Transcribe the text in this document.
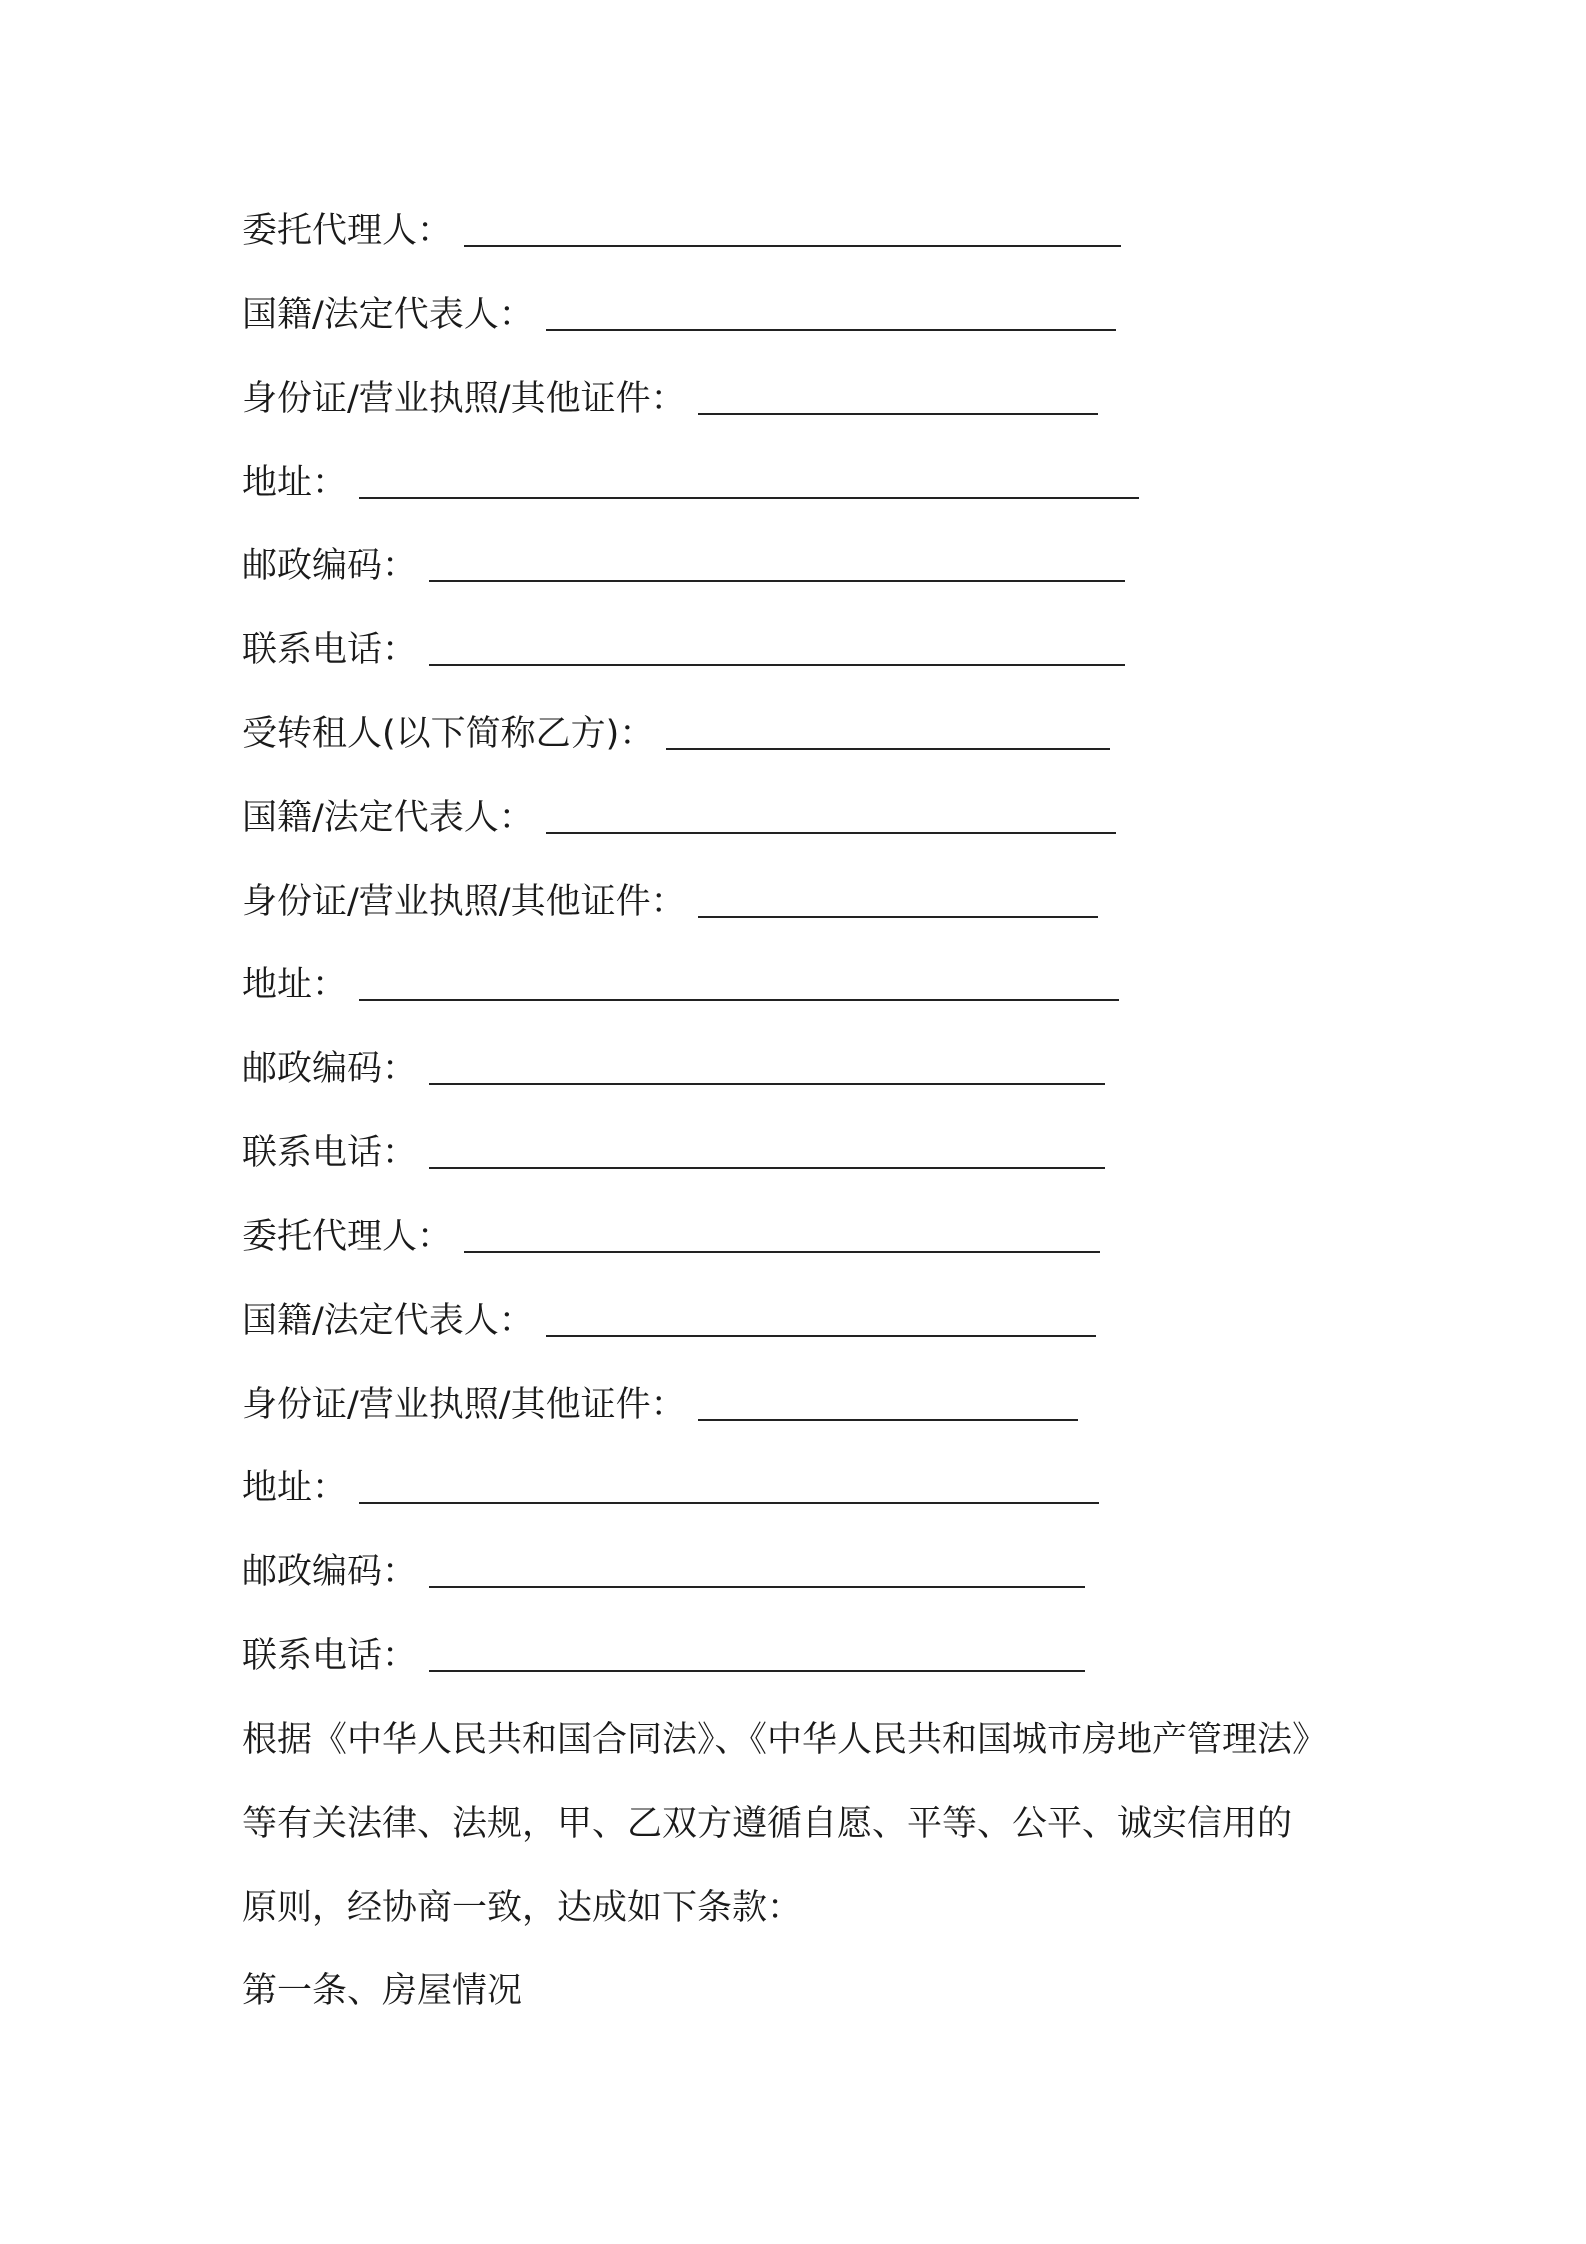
委托代理人：
国籍/法定代表人：
身份证/营业执照/其他证件：
地址：
邮政编码：
联系电话：
受转租人(以下简称乙方)：
国籍/法定代表人：
身份证/营业执照/其他证件：
地址：
邮政编码：
联系电话：
委托代理人：
国籍/法定代表人：
身份证/营业执照/其他证件：
地址：
邮政编码：
联系电话：
根据《中华人民共和国合同法》、《中华人民共和国城市房地产管理法》
等有关法律、法规，甲、乙双方遵循自愿、平等、公平、诚实信用的
原则，经协商一致，达成如下条款：
第一条、房屋情况
